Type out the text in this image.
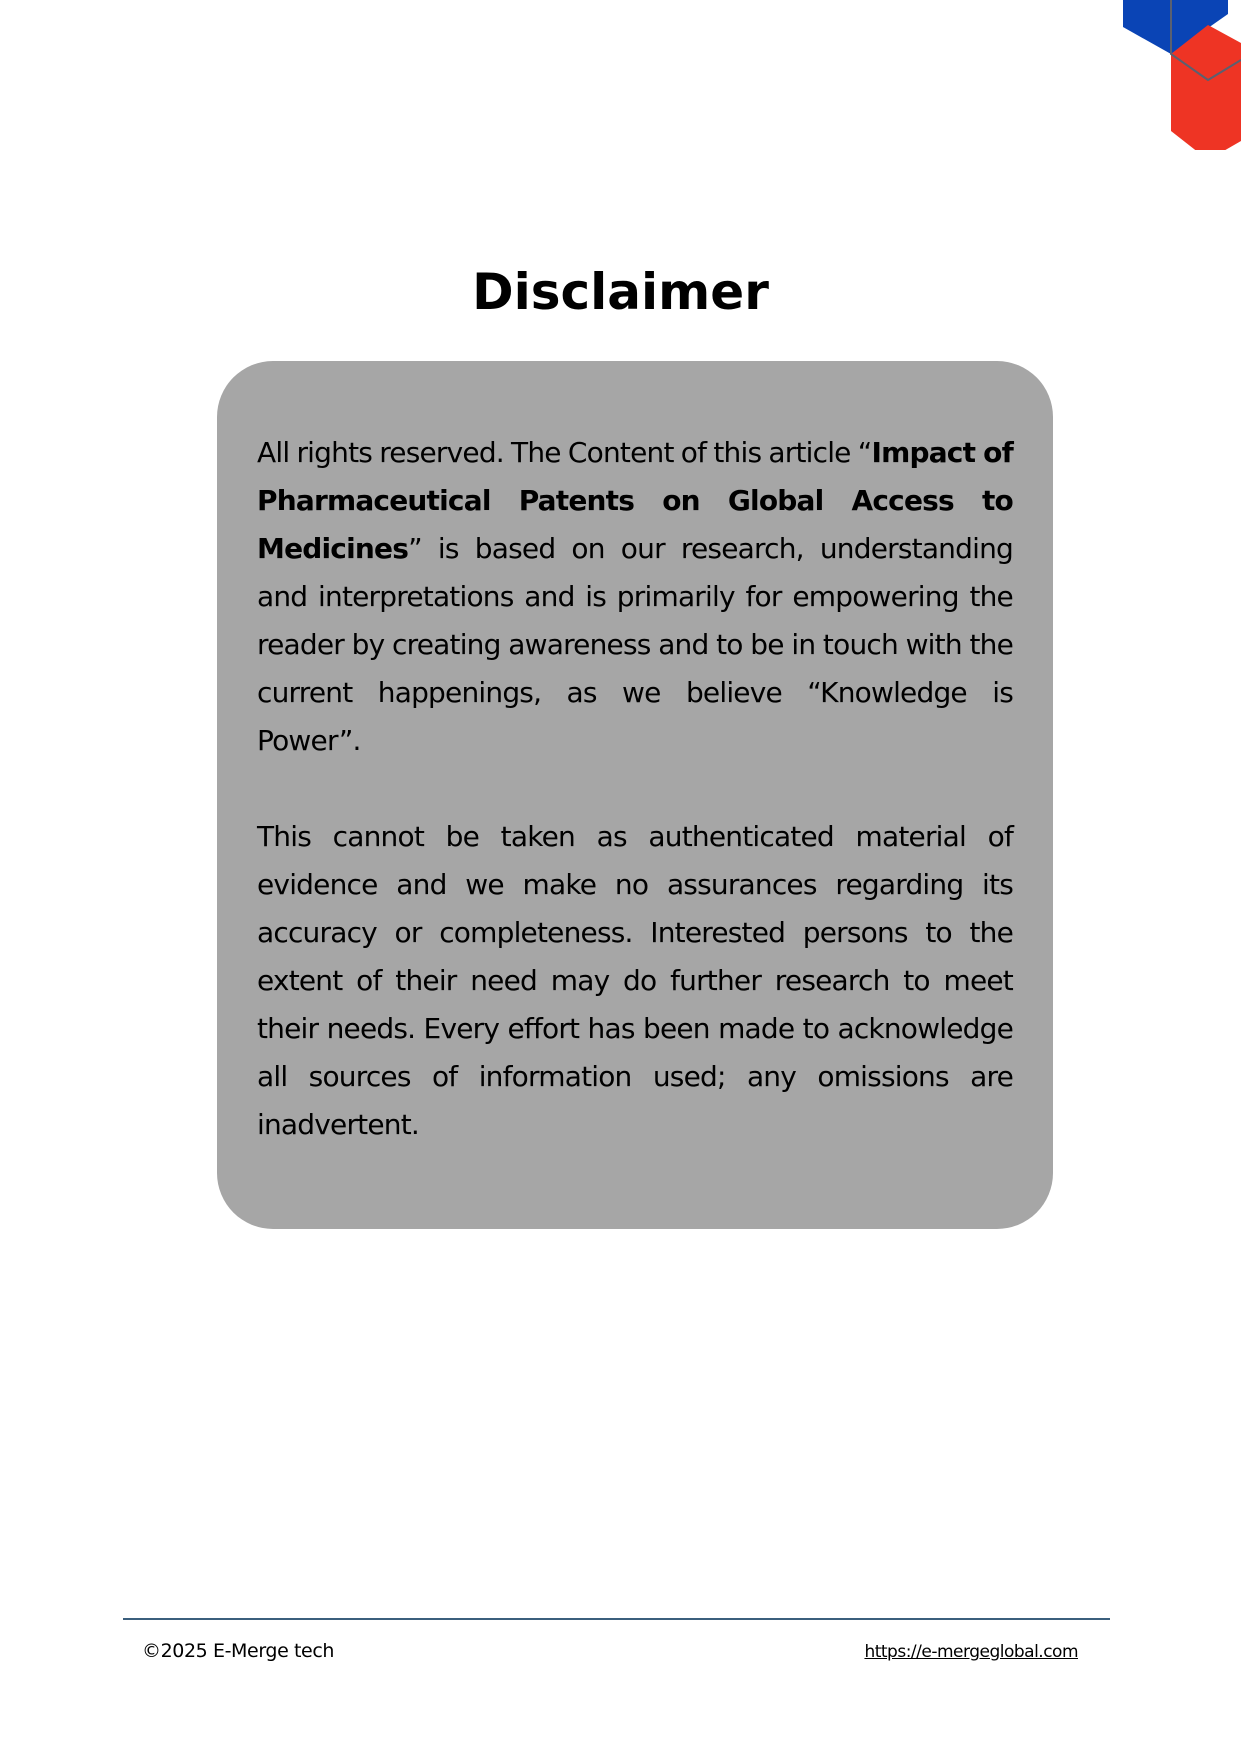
Disclaimer

All rights reserved. The Content of this article “Impact of Pharmaceutical Patents on Global Access to Medicines” is based on our research, understanding and interpretations and is primarily for empowering the reader by creating awareness and to be in touch with the current happenings, as we believe “Knowledge is Power”.

This cannot be taken as authenticated material of evidence and we make no assurances regarding its accuracy or completeness. Interested persons to the extent of their need may do further research to meet their needs. Every effort has been made to acknowledge all sources of information used; any omissions are inadvertent.

©2025 E-Merge tech	https://e-mergeglobal.com
